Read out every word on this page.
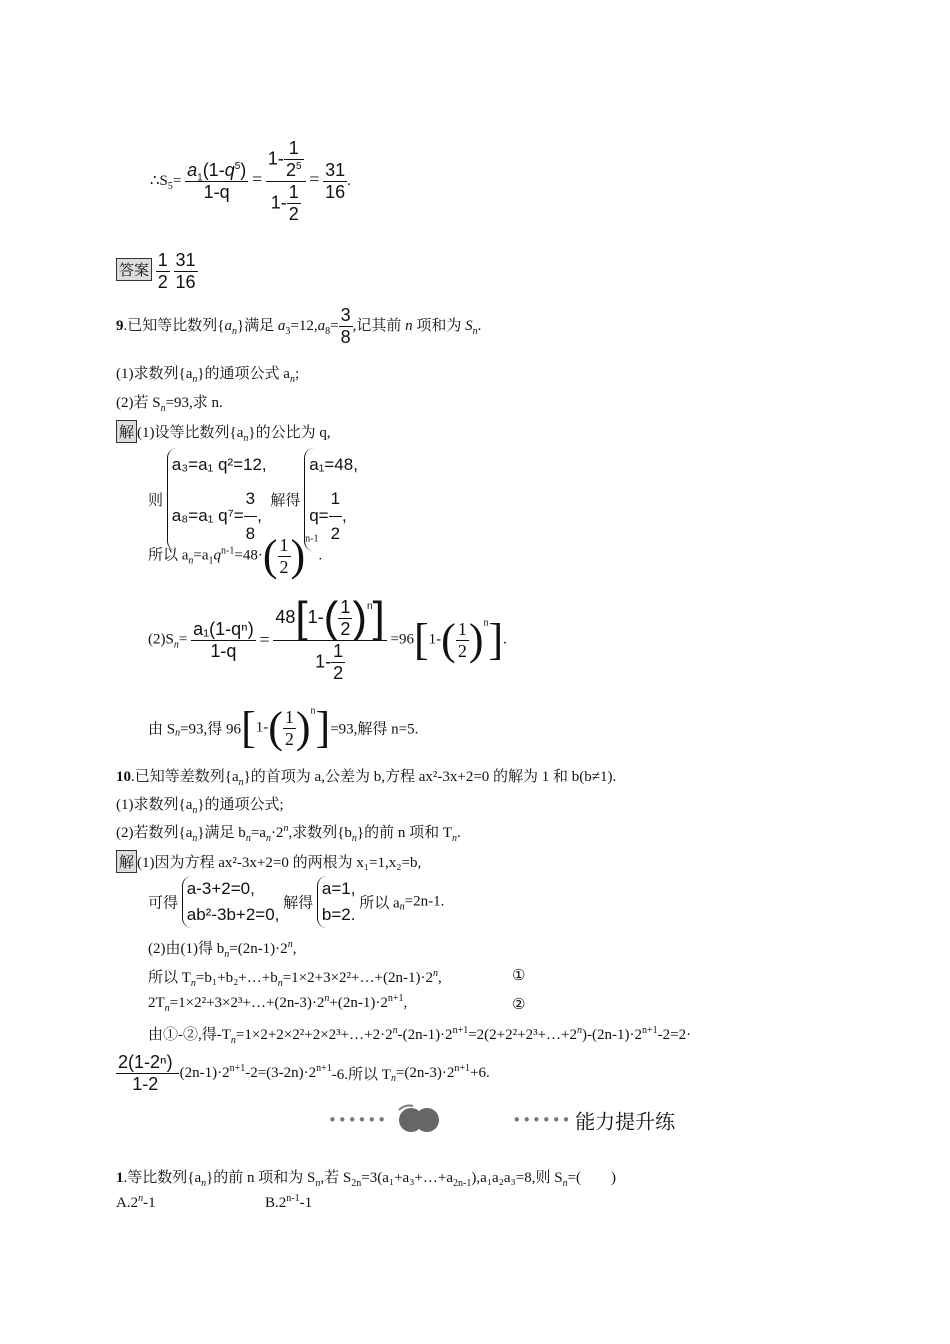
$\therefore S_5= \frac{a_1(1-q^5)}{1-q} = \frac{1- \frac{1}{2^5}}{1- \frac{1}{2}} = \frac{31}{16}$ .
答案 $\frac{1}{2}$
$\frac{31}{16}$
9.已知等比数列$\{a_n\}$满足 $a_3=12,a_8= \frac{3}{8}$ ,记其前 n 项和为 $S_n$.
(1)求数列$\{a_n\}$的通项公式 $a_n$;
(2)若 $S_n=93$,求 n.
解 (1)设等比数列$\{a_n\}$的公比为 q,
则
a₃=a₁ q²=12,
a₈=a₁ $q^7= \frac{3}{8}$ ,
解得
a₁=48,
$q= \frac{1}{2}$ ,
所以 $a_n=a_1q^{n-1}=48\cdot( \frac{1}{2} )^{n-1}$.
$(2)S_n= \frac{\text{a₁(1-qⁿ)}}{1-q} = \frac{48[1-( \frac{1}{2} )^n]}{1- \frac{1}{2}} =96[1-( \frac{1}{2} )^n]$.
由 $S_n=93$,得 $96[1-( \frac{1}{2} )^n]=93$,解得 n=5.
10.已知等差数列$\{a_n\}$的首项为 a,公差为 b,方程 ax²-3x+2=0 的解为 1 和 b(b≠1).
(1)求数列$\{a_n\}$的通项公式;
(2)若数列$\{a_n\}$满足 $b_n=a_n\cdot 2^n$,求数列$\{b_n\}$的前 n 项和 $T_n$.
解 (1)因为方程 ax²-3x+2=0 的两根为 x₁=1,x₂=b,
可得
a-3+2=0,
ab²-3b+2=0,
解得
a=1,
b=2.
所以 $a_n=2n-1$.
(2)由(1)得 $b_n=(2n-1)\cdot 2^n$,
所以 $T_n=b_1+b_2+\dots+b_n=1\times 2+3\times 2^2+\dots+(2n-1)\cdot 2^n$,	①
$2T_n=1\times 2^2+3\times 2^3+\dots+(2n-3)\cdot 2^n+(2n-1)\cdot 2^{n+1}$,	②
由①-②,得$-T_n=1\times 2+2\times 2^2+2\times 2^3+\dots+2\cdot 2^n-(2n-1)\cdot 2^{n+1}=2(2+2^2+2^3+\dots+2^n)-(2n-1)\cdot 2^{n+1}-2=2\cdot$
$\frac{\text{2(1-2ⁿ)}}{1-2} -(2n-1)\cdot 2^{n+1}-2=(3-2n)\cdot 2^{n+1}-6$.所以 $T_n=(2n-3)\cdot 2^{n+1}+6$.
••••••	•••••• 能力提升练
1.等比数列$\{a_n\}$的前 n 项和为 $S_n$,若 $S_{2n}=3(a_1+a_3+\dots+a_{2n-1}),a_1a_2a_3=8$,则 $S_n=$( )
A.2$^n$-1	B.2$^{n-1}$-1
